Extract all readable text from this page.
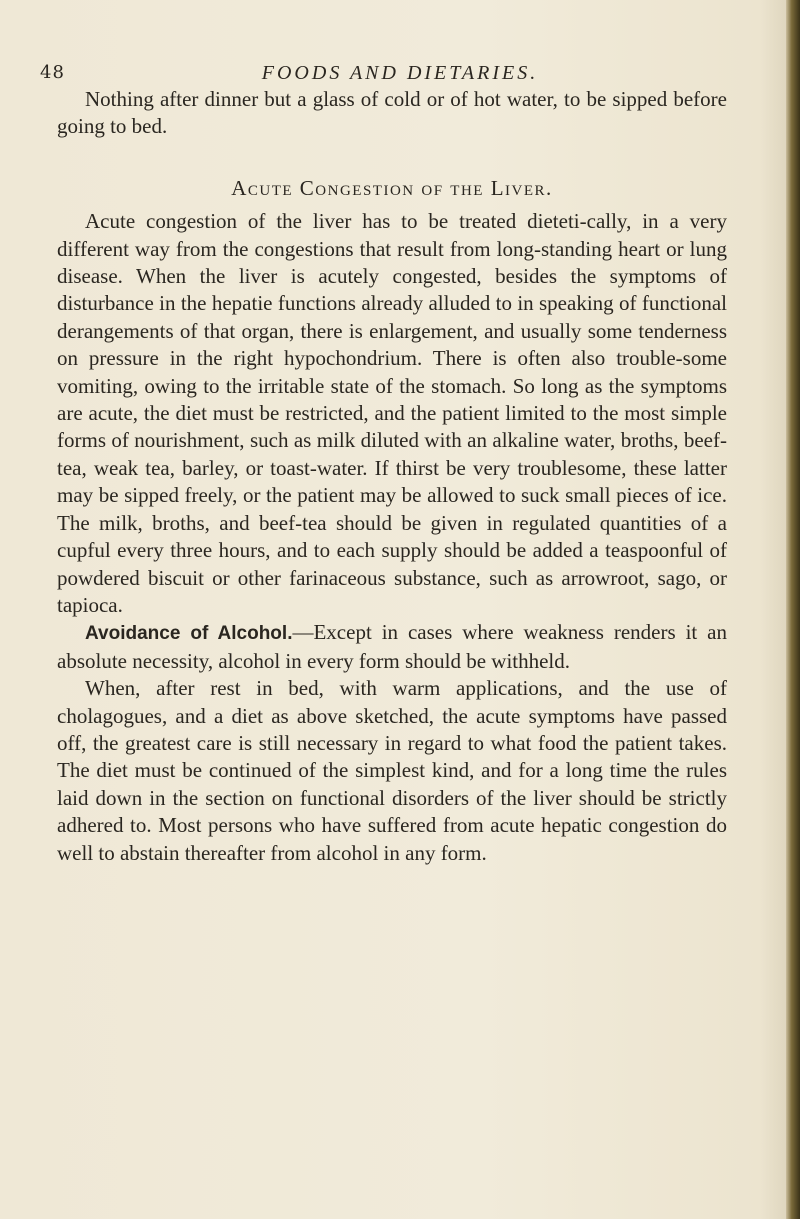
48	FOODS AND DIETARIES.

Nothing after dinner but a glass of cold or of hot water, to be sipped before going to bed.

Acute Congestion of the Liver.

Acute congestion of the liver has to be treated dieteti-cally, in a very different way from the congestions that result from long-standing heart or lung disease. When the liver is acutely congested, besides the symptoms of disturbance in the hepatie functions already alluded to in speaking of functional derangements of that organ, there is enlargement, and usually some tenderness on pressure in the right hypochondrium. There is often also trouble-some vomiting, owing to the irritable state of the stomach. So long as the symptoms are acute, the diet must be restricted, and the patient limited to the most simple forms of nourishment, such as milk diluted with an alkaline water, broths, beef-tea, weak tea, barley, or toast-water. If thirst be very troublesome, these latter may be sipped freely, or the patient may be allowed to suck small pieces of ice. The milk, broths, and beef-tea should be given in regulated quantities of a cupful every three hours, and to each supply should be added a teaspoonful of powdered biscuit or other farinaceous substance, such as arrowroot, sago, or tapioca.

Avoidance of Alcohol.—Except in cases where weakness renders it an absolute necessity, alcohol in every form should be withheld.

When, after rest in bed, with warm applications, and the use of cholagogues, and a diet as above sketched, the acute symptoms have passed off, the greatest care is still necessary in regard to what food the patient takes. The diet must be continued of the simplest kind, and for a long time the rules laid down in the section on functional disorders of the liver should be strictly adhered to. Most persons who have suffered from acute hepatic congestion do well to abstain thereafter from alcohol in any form.
